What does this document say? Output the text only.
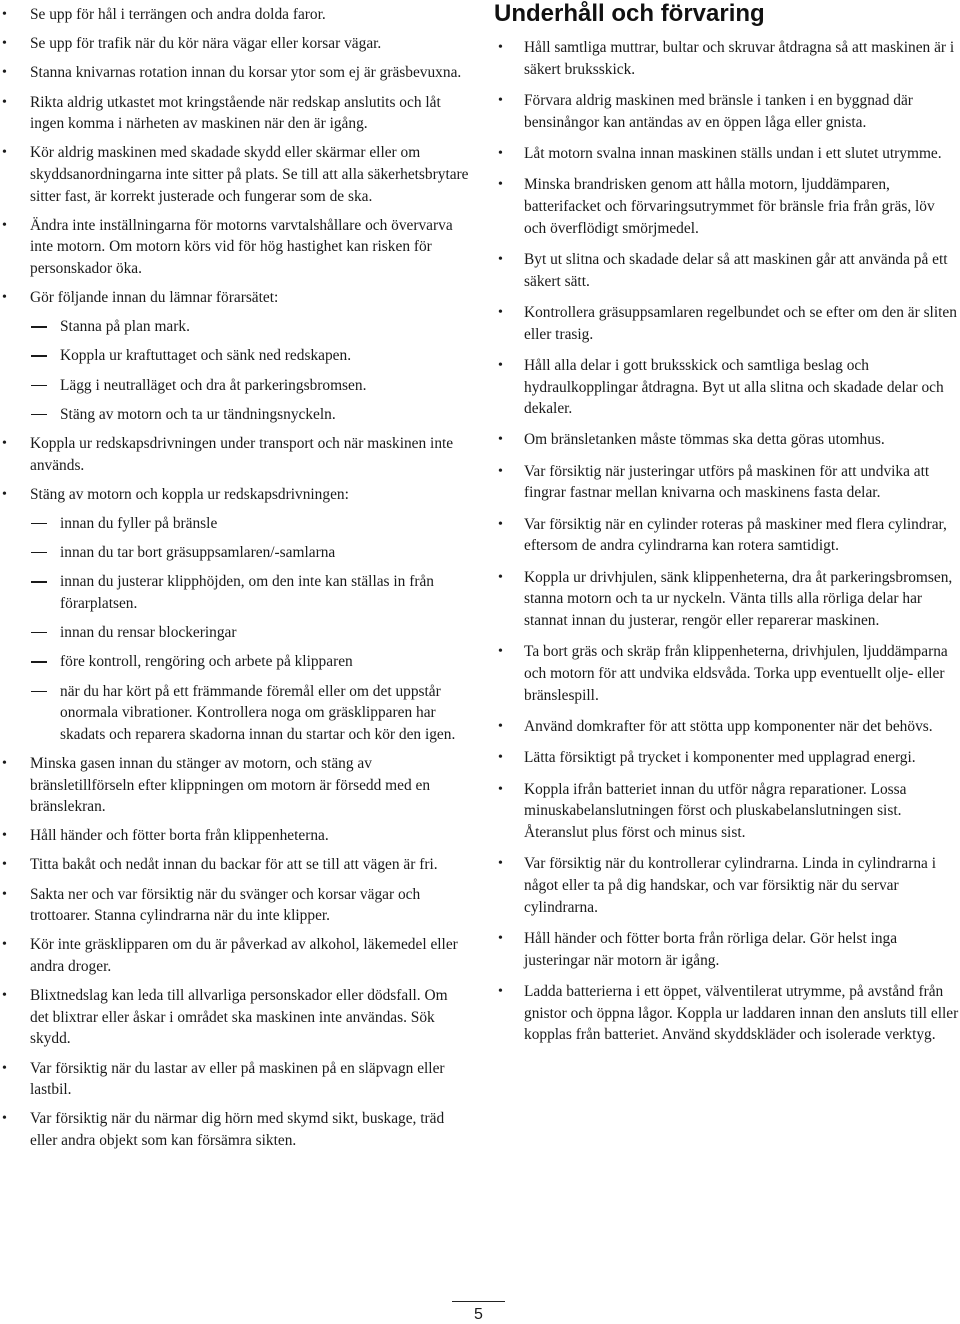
• Se upp för hål i terrängen och andra dolda faror.
• Se upp för trafik när du kör nära vägar eller korsar vägar.
• Stanna knivarnas rotation innan du korsar ytor som ej är gräsbevuxna.
• Rikta aldrig utkastet mot kringstående när redskap anslutits och låt ingen komma i närheten av maskinen när den är igång.
• Kör aldrig maskinen med skadade skydd eller skärmar eller om skyddsanordningarna inte sitter på plats. Se till att alla säkerhetsbrytare sitter fast, är korrekt justerade och fungerar som de ska.
• Ändra inte inställningarna för motorns varvtalshållare och övervarva inte motorn. Om motorn körs vid för hög hastighet kan risken för personskador öka.
• Gör följande innan du lämnar förarsätet:
Stanna på plan mark.
Koppla ur kraftuttaget och sänk ned redskapen.
Lägg i neutralläget och dra åt parkeringsbromsen.
Stäng av motorn och ta ur tändningsnyckeln.
• Koppla ur redskapsdrivningen under transport och när maskinen inte används.
• Stäng av motorn och koppla ur redskapsdrivningen:
innan du fyller på bränsle
innan du tar bort gräsuppsamlaren/-samlarna
innan du justerar klipphöjden, om den inte kan ställas in från förarplatsen.
innan du rensar blockeringar
före kontroll, rengöring och arbete på klipparen
när du har kört på ett främmande föremål eller om det uppstår onormala vibrationer. Kontrollera noga om gräsklipparen har skadats och reparera skadorna innan du startar och kör den igen.
• Minska gasen innan du stänger av motorn, och stäng av bränsletillförseln efter klippningen om motorn är försedd med en bränslekran.
• Håll händer och fötter borta från klippenheterna.
• Titta bakåt och nedåt innan du backar för att se till att vägen är fri.
• Sakta ner och var försiktig när du svänger och korsar vägar och trottoarer. Stanna cylindrarna när du inte klipper.
• Kör inte gräsklipparen om du är påverkad av alkohol, läkemedel eller andra droger.
• Blixtnedslag kan leda till allvarliga personskador eller dödsfall. Om det blixtrar eller åskar i området ska maskinen inte användas. Sök skydd.
• Var försiktig när du lastar av eller på maskinen på en släpvagn eller lastbil.
• Var försiktig när du närmar dig hörn med skymd sikt, buskage, träd eller andra objekt som kan försämra sikten.
Underhåll och förvaring
• Håll samtliga muttrar, bultar och skruvar åtdragna så att maskinen är i säkert bruksskick.
• Förvara aldrig maskinen med bränsle i tanken i en byggnad där bensinångor kan antändas av en öppen låga eller gnista.
• Låt motorn svalna innan maskinen ställs undan i ett slutet utrymme.
• Minska brandrisken genom att hålla motorn, ljuddämparen, batterifacket och förvaringsutrymmet för bränsle fria från gräs, löv och överflödigt smörjmedel.
• Byt ut slitna och skadade delar så att maskinen går att använda på ett säkert sätt.
• Kontrollera gräsuppsamlaren regelbundet och se efter om den är sliten eller trasig.
• Håll alla delar i gott bruksskick och samtliga beslag och hydraulkopplingar åtdragna. Byt ut alla slitna och skadade delar och dekaler.
• Om bränsletanken måste tömmas ska detta göras utomhus.
• Var försiktig när justeringar utförs på maskinen för att undvika att fingrar fastnar mellan knivarna och maskinens fasta delar.
• Var försiktig när en cylinder roteras på maskiner med flera cylindrar, eftersom de andra cylindrarna kan rotera samtidigt.
• Koppla ur drivhjulen, sänk klippenheterna, dra åt parkeringsbromsen, stanna motorn och ta ur nyckeln. Vänta tills alla rörliga delar har stannat innan du justerar, rengör eller reparerar maskinen.
• Ta bort gräs och skräp från klippenheterna, drivhjulen, ljuddämparna och motorn för att undvika eldsvåda. Torka upp eventuellt olje- eller bränslespill.
• Använd domkrafter för att stötta upp komponenter när det behövs.
• Lätta försiktigt på trycket i komponenter med upplagrad energi.
• Koppla ifrån batteriet innan du utför några reparationer. Lossa minuskabelanslutningen först och pluskabelanslutningen sist. Återanslut plus först och minus sist.
• Var försiktig när du kontrollerar cylindrarna. Linda in cylindrarna i något eller ta på dig handskar, och var försiktig när du servar cylindrarna.
• Håll händer och fötter borta från rörliga delar. Gör helst inga justeringar när motorn är igång.
• Ladda batterierna i ett öppet, välventilerat utrymme, på avstånd från gnistor och öppna lågor. Koppla ur laddaren innan den ansluts till eller kopplas från batteriet. Använd skyddskläder och isolerade verktyg.
5
